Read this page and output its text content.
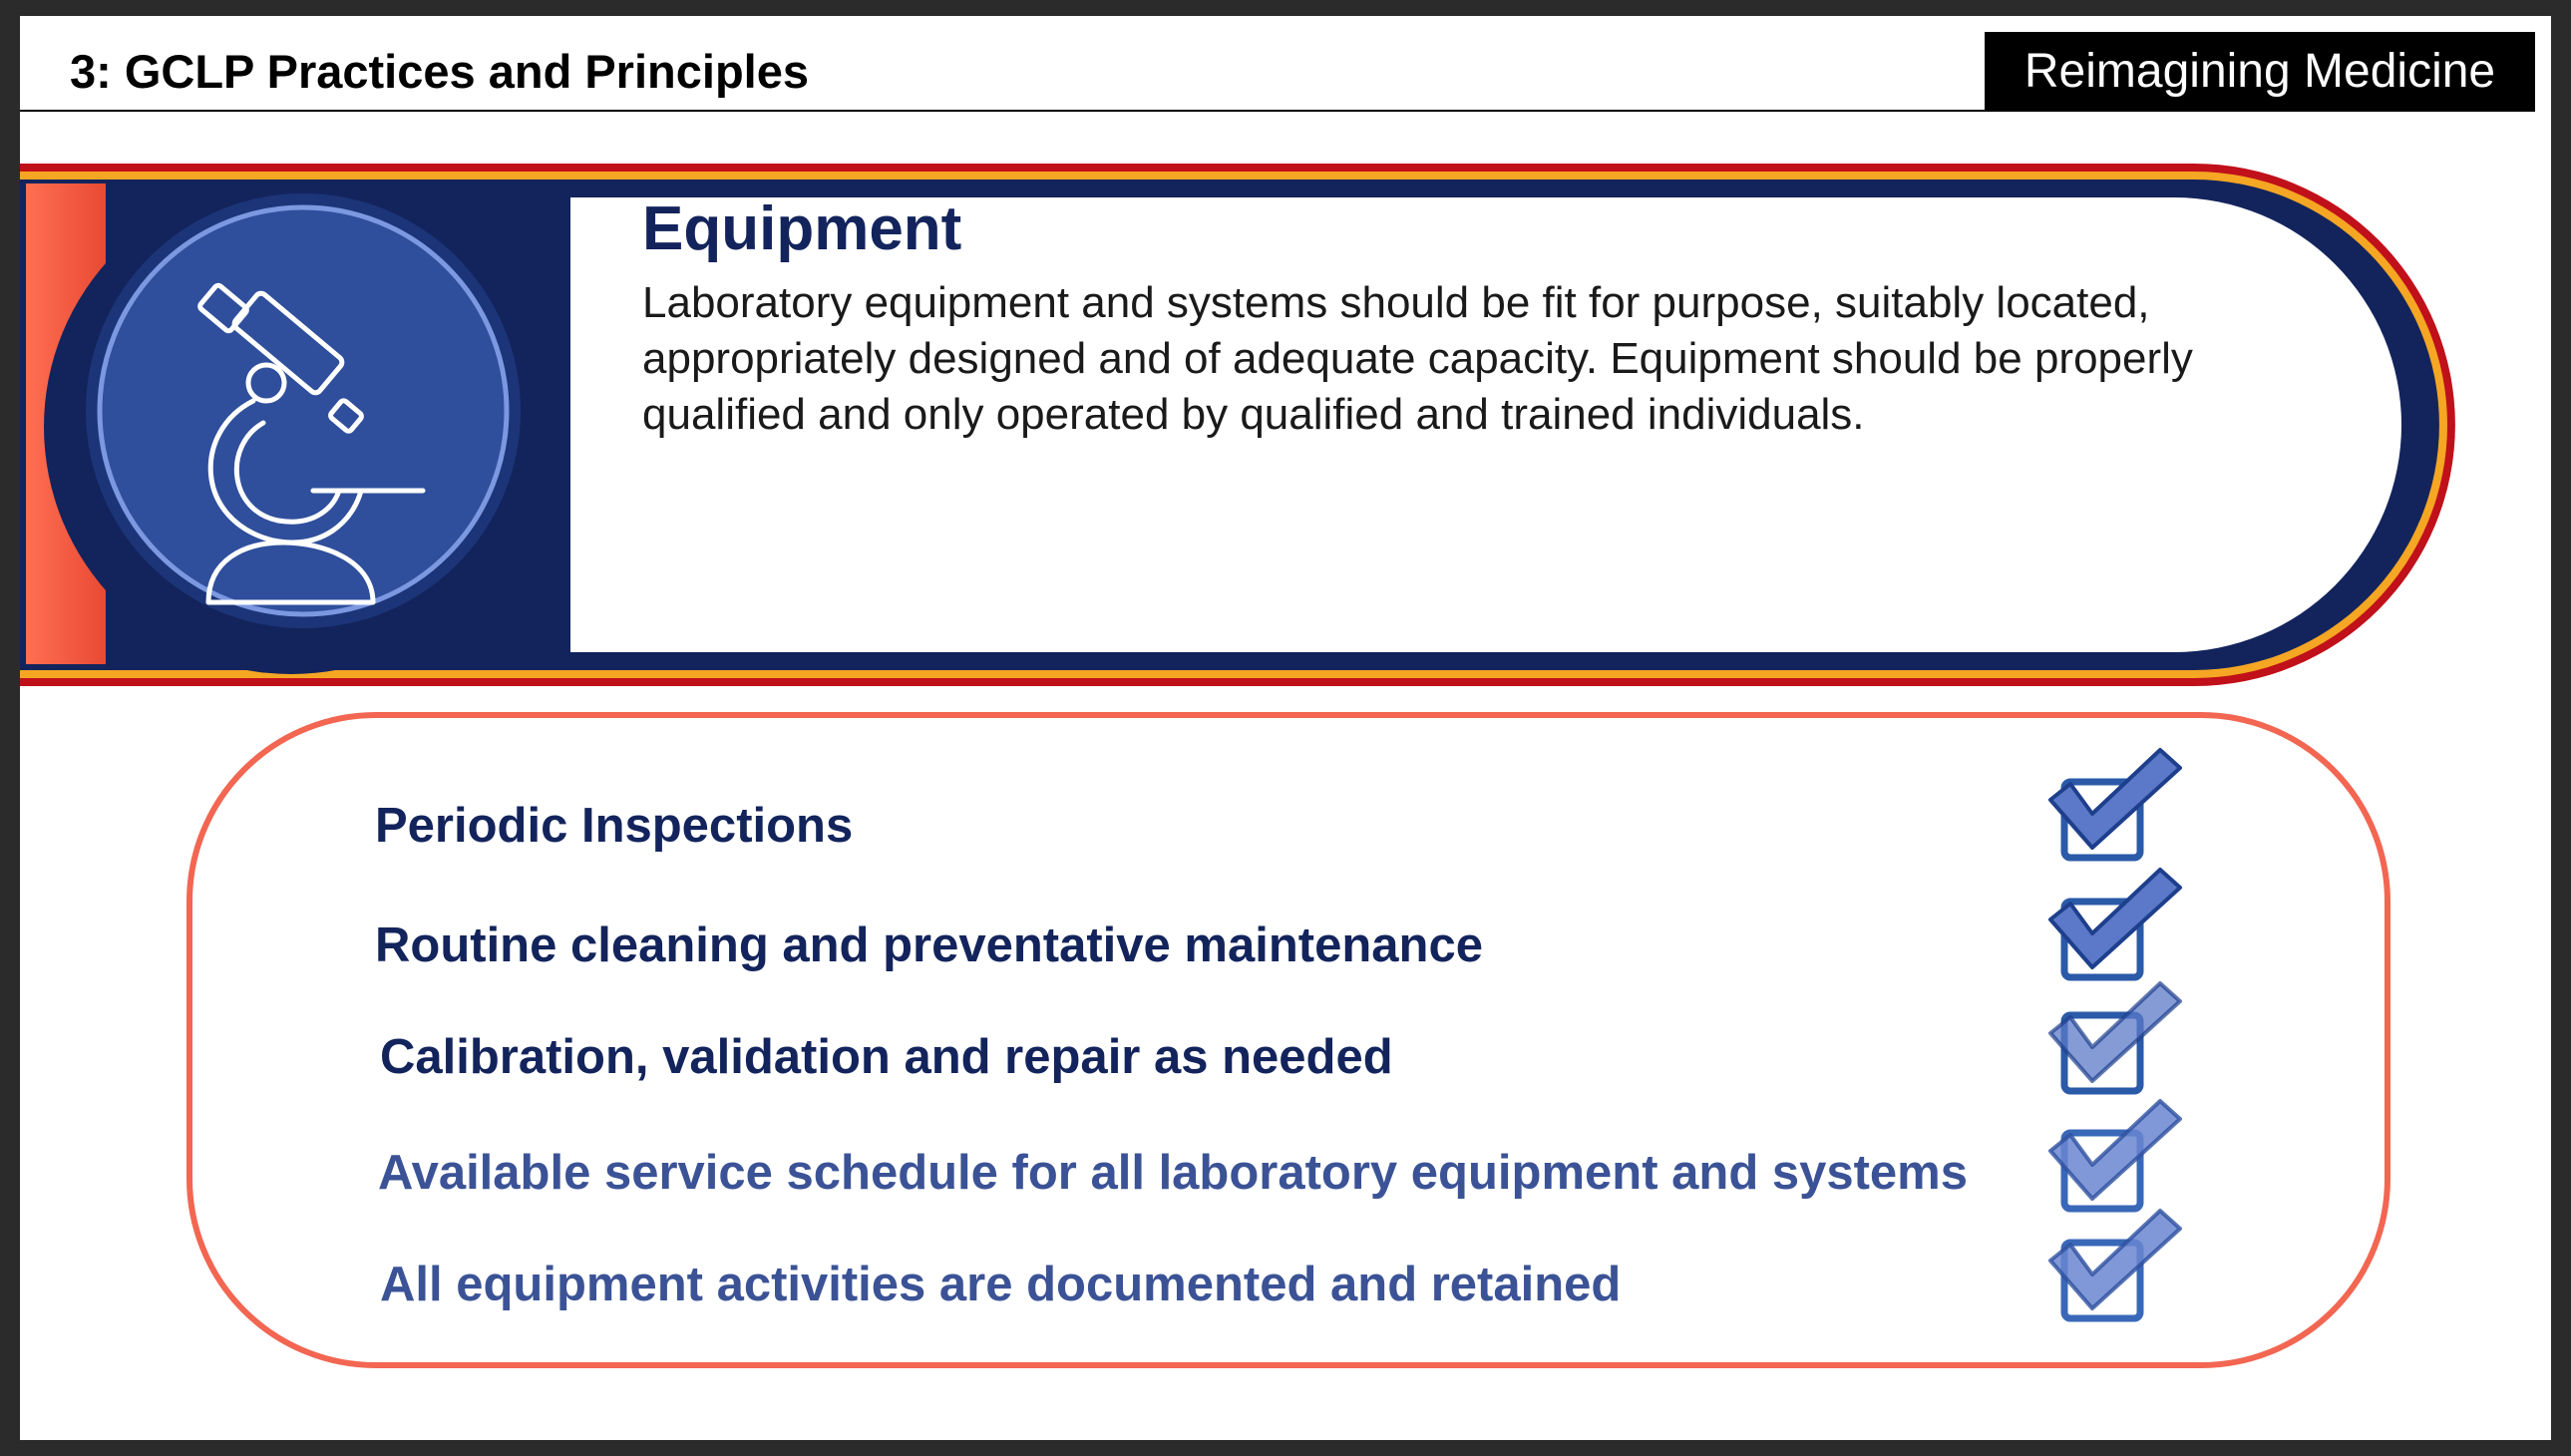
3: GCLP Practices and Principles	Reimagining Medicine
Equipment
Laboratory equipment and systems should be fit for purpose, suitably located, appropriately designed and of adequate capacity. Equipment should be properly qualified and only operated by qualified and trained individuals.
Periodic Inspections
Routine cleaning and preventative maintenance
Calibration, validation and repair as needed
Available service schedule for all laboratory equipment and systems
All equipment activities are documented and retained
